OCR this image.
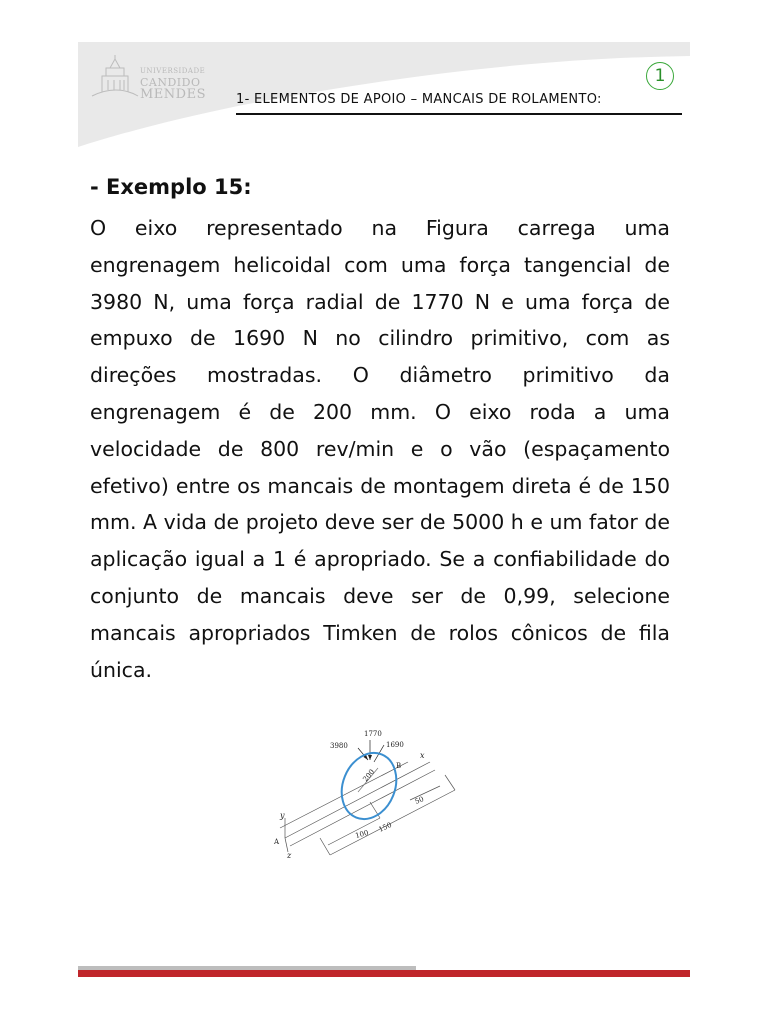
UNIVERSIDADE
CANDIDO
MENDES
1
1- ELEMENTOS DE APOIO – MANCAIS DE ROLAMENTO:
- Exemplo 15:
O eixo representado na Figura carrega uma engrenagem helicoidal com uma força tangencial de 3980 N, uma força radial de 1770 N e uma força de empuxo de 1690 N no cilindro primitivo, com as direções mostradas. O diâmetro primitivo da engrenagem é de 200 mm. O eixo roda a uma velocidade de 800 rev/min e o vão (espaçamento efetivo) entre os mancais de montagem direta é de 150 mm. A vida de projeto deve ser de 5000 h e um fator de aplicação igual a 1 é apropriado. Se a confiabilidade do conjunto de mancais deve ser de 0,99, selecione mancais apropriados Timken de rolos cônicos de fila única.
1770
3980	1690
200
B
50
100
150
x
y
z
A
